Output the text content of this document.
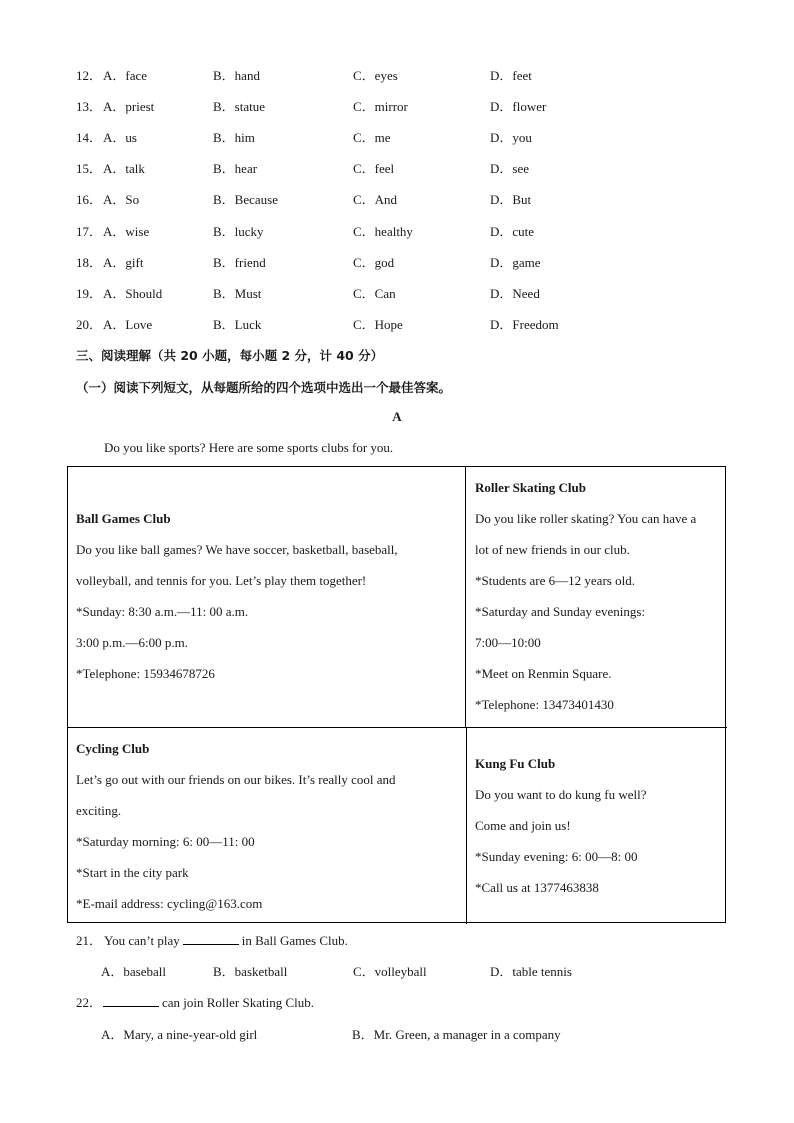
12． A．face	B．hand	C．eyes	D．feet
13． A．priest	B．statue	C．mirror	D．flower
14． A．us	B．him	C．me	D．you
15． A．talk	B．hear	C．feel	D．see
16． A．So	B．Because	C．And	D．But
17． A．wise	B．lucky	C．healthy	D．cute
18． A．gift	B．friend	C．god	D．game
19． A．Should	B．Must	C．Can	D．Need
20． A．Love	B．Luck	C．Hope	D．Freedom
三、阅读理解（共 20 小题，每小题 2 分，计 40 分）
（一）阅读下列短文，从每题所给的四个选项中选出一个最佳答案。
A
Do you like sports? Here are some sports clubs for you.
Ball Games Club
Do you like ball games? We have soccer, basketball, baseball,
volleyball, and tennis for you. Let’s play them together!
*Sunday: 8:30 a.m.—11: 00 a.m.
3:00 p.m.—6:00 p.m.
*Telephone: 15934678726
Roller Skating Club
Do you like roller skating? You can have a
lot of new friends in our club.
*Students are 6—12 years old.
*Saturday and Sunday evenings:
7:00—10:00
*Meet on Renmin Square.
*Telephone: 13473401430
Cycling Club
Let’s go out with our friends on our bikes. It’s really cool and
exciting.
*Saturday morning: 6: 00—11: 00
*Start in the city park
*E-mail address: cycling@163.com
Kung Fu Club
Do you want to do kung fu well?
Come and join us!
*Sunday evening: 6: 00—8: 00
*Call us at 1377463838
21． You can’t play	in Ball Games Club.
A．baseball	B．basketball	C．volleyball	D．table tennis
22．	can join Roller Skating Club.
A．Mary, a nine-year-old girl	B．Mr. Green, a manager in a company
